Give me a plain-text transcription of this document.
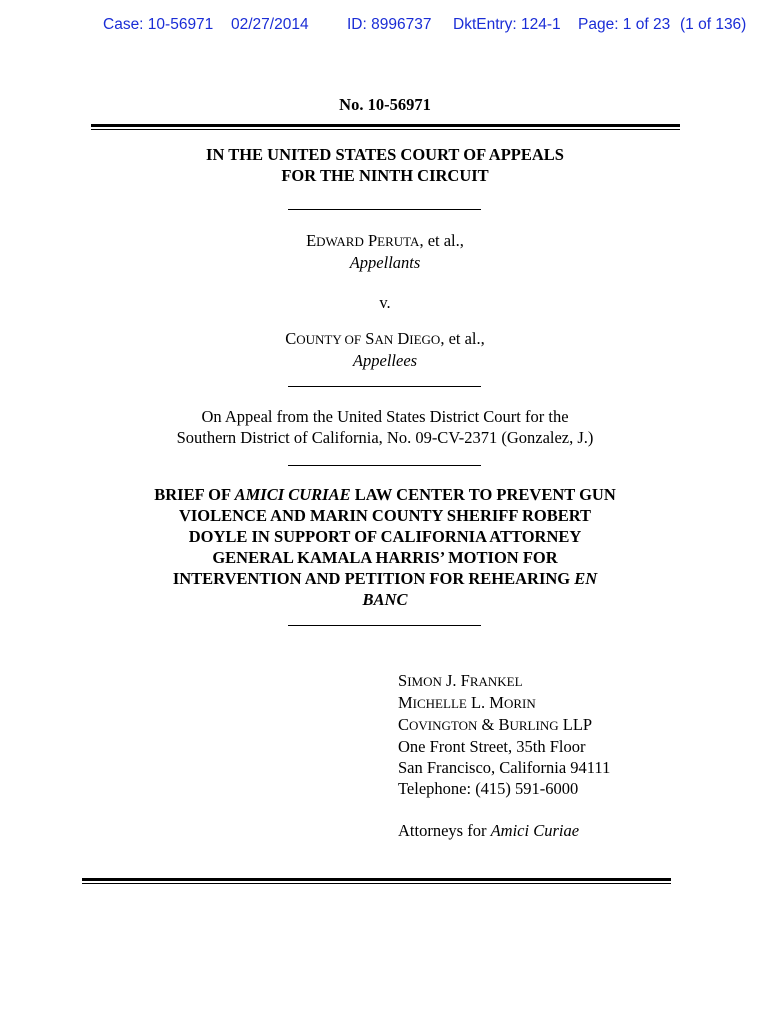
Case: 10-56971 02/27/2014 ID: 8996737 DktEntry: 124-1 Page: 1 of 23 (1 of 136)
No. 10-56971
IN THE UNITED STATES COURT OF APPEALS
FOR THE NINTH CIRCUIT
EDWARD PERUTA, et al.,
Appellants
v.
COUNTY OF SAN DIEGO, et al.,
Appellees
On Appeal from the United States District Court for the
Southern District of California, No. 09-CV-2371 (Gonzalez, J.)
BRIEF OF AMICI CURIAE LAW CENTER TO PREVENT GUN
VIOLENCE AND MARIN COUNTY SHERIFF ROBERT
DOYLE IN SUPPORT OF CALIFORNIA ATTORNEY
GENERAL KAMALA HARRIS’ MOTION FOR
INTERVENTION AND PETITION FOR REHEARING EN
BANC
SIMON J. FRANKEL
MICHELLE L. MORIN
COVINGTON & BURLING LLP
One Front Street, 35th Floor
San Francisco, California 94111
Telephone: (415) 591-6000
Attorneys for Amici Curiae
